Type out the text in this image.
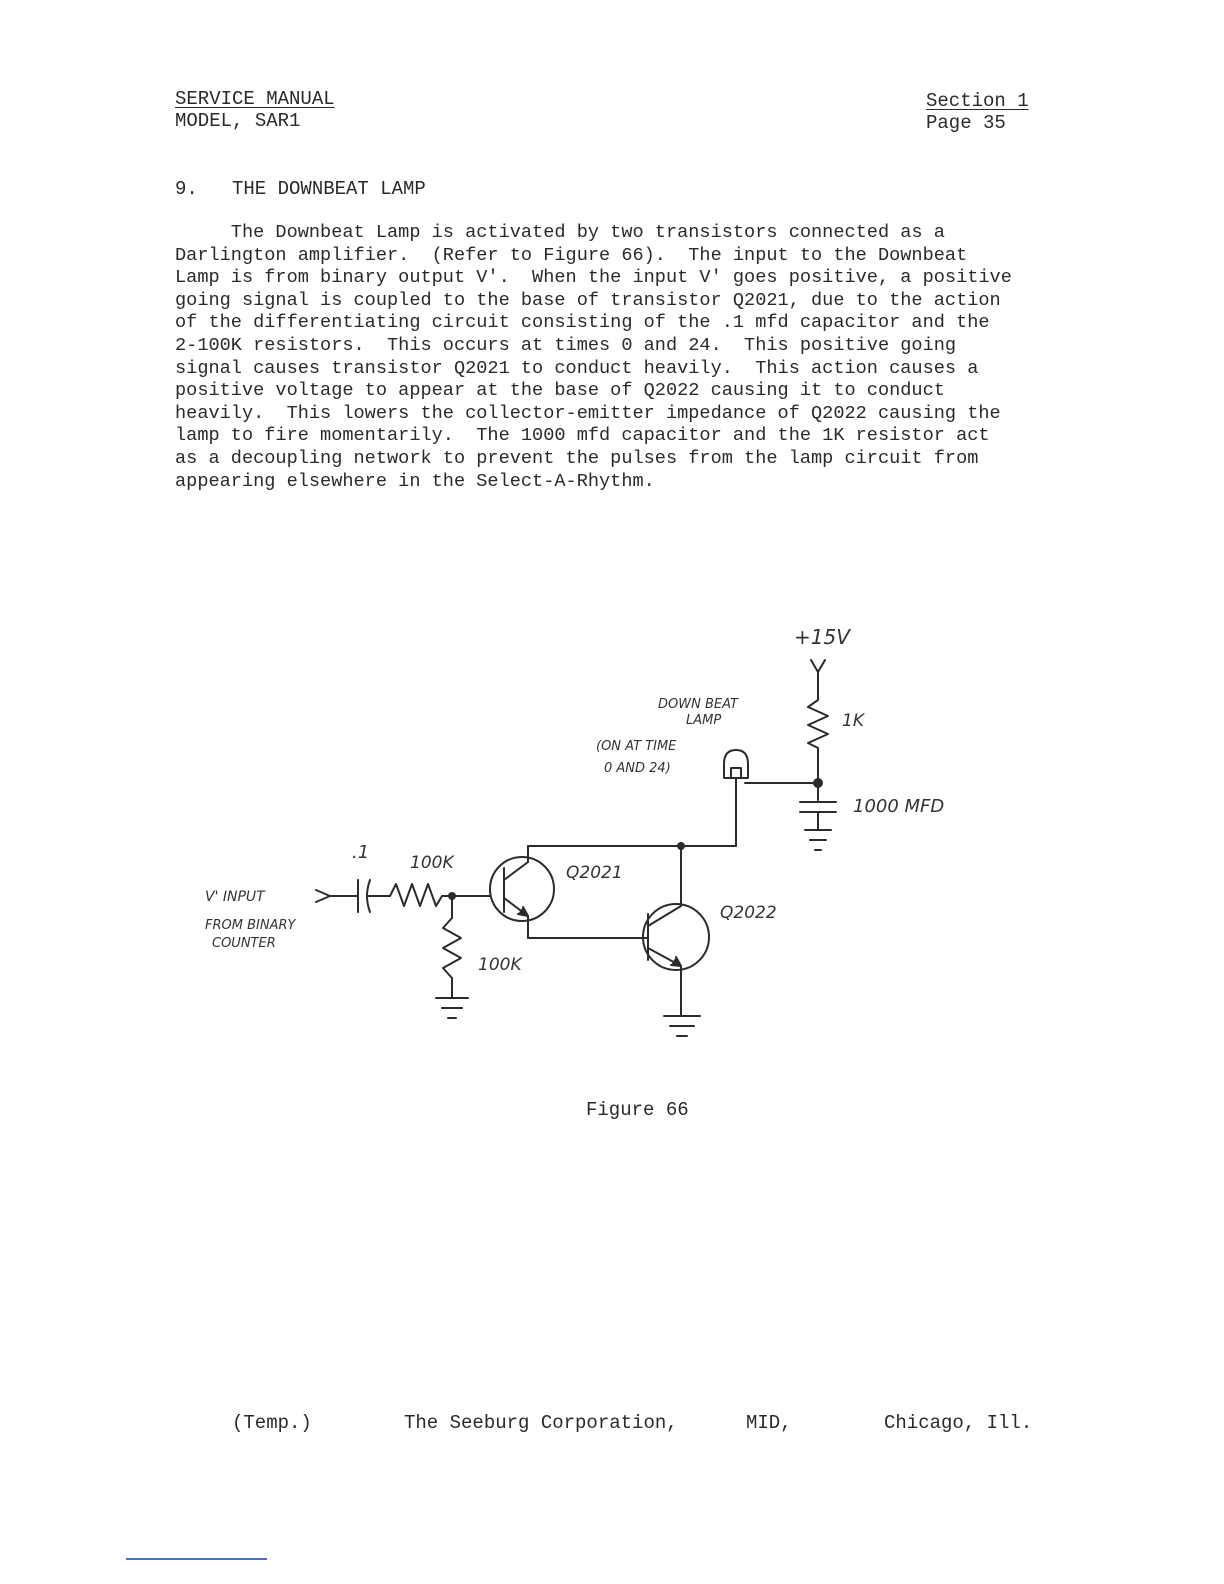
SERVICE MANUAL
MODEL, SAR1
Section 1
Page 35
9. THE DOWNBEAT LAMP
The Downbeat Lamp is activated by two transistors connected as a
Darlington amplifier.  (Refer to Figure 66).  The input to the Downbeat
Lamp is from binary output V'.  When the input V' goes positive, a positive
going signal is coupled to the base of transistor Q2021, due to the action
of the differentiating circuit consisting of the .1 mfd capacitor and the
2-100K resistors.  This occurs at times 0 and 24.  This positive going
signal causes transistor Q2021 to conduct heavily.  This action causes a
positive voltage to appear at the base of Q2022 causing it to conduct
heavily.  This lowers the collector-emitter impedance of Q2022 causing the
lamp to fire momentarily.  The 1000 mfd capacitor and the 1K resistor act
as a decoupling network to prevent the pulses from the lamp circuit from
appearing elsewhere in the Select-A-Rhythm.
+15V
1K
1000 MFD
DOWN BEAT
LAMP
(ON AT TIME
0 AND 24)
.1 100K
100K
Q2021
Q2022
V' INPUT
FROM BINARY
COUNTER
Figure 66
(Temp.)	The Seeburg Corporation,	MID,	Chicago, Ill.
